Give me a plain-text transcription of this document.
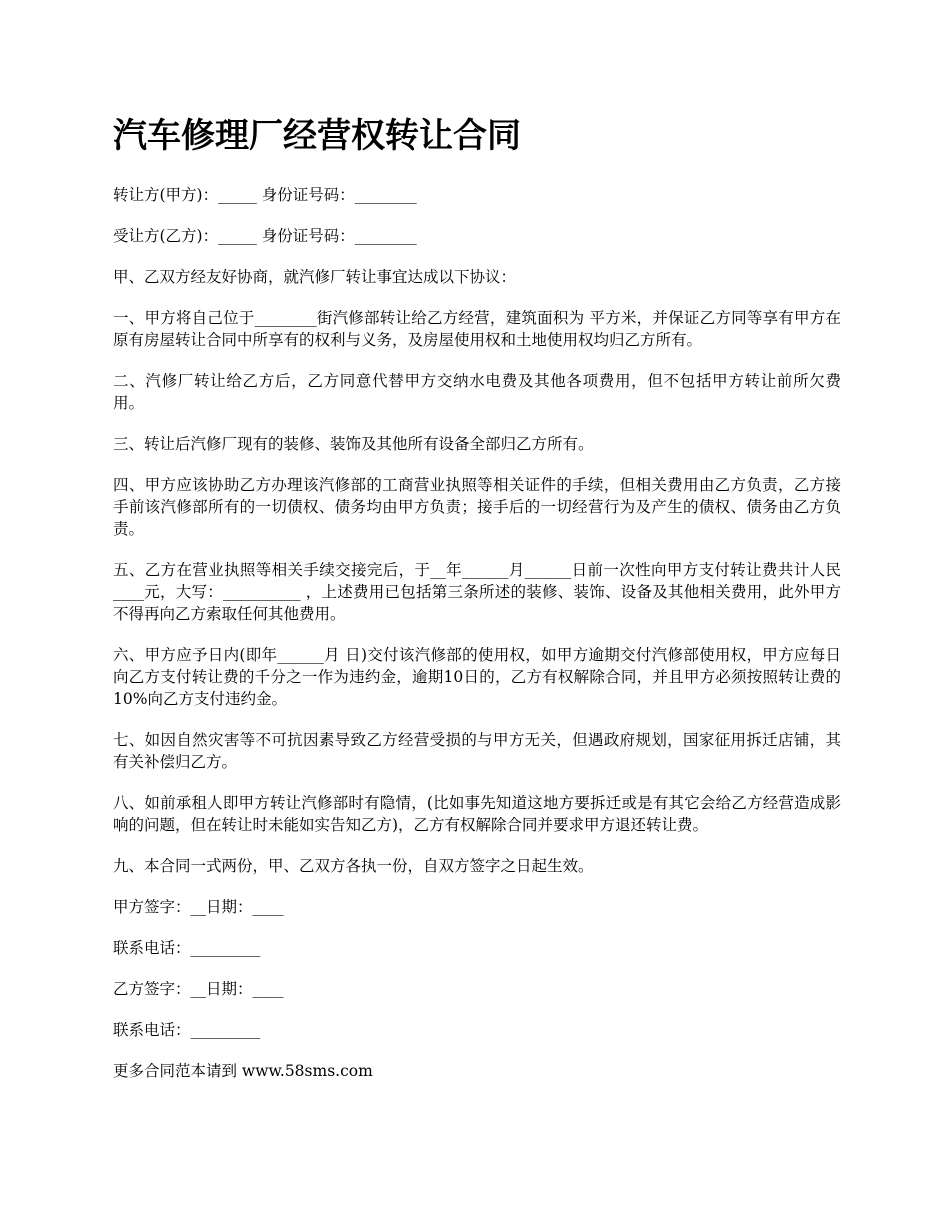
汽车修理厂经营权转让合同

转让方(甲方)：_____ 身份证号码：________

受让方(乙方)：_____ 身份证号码：________

甲、乙双方经友好协商，就汽修厂转让事宜达成以下协议：

一、甲方将自己位于________街汽修部转让给乙方经营，建筑面积为 平方米，并保证乙方同等享有甲方在原有房屋转让合同中所享有的权利与义务，及房屋使用权和土地使用权均归乙方所有。

二、汽修厂转让给乙方后，乙方同意代替甲方交纳水电费及其他各项费用，但不包括甲方转让前所欠费用。

三、转让后汽修厂现有的装修、装饰及其他所有设备全部归乙方所有。

四、甲方应该协助乙方办理该汽修部的工商营业执照等相关证件的手续，但相关费用由乙方负责，乙方接手前该汽修部所有的一切债权、债务均由甲方负责；接手后的一切经营行为及产生的债权、债务由乙方负责。

五、乙方在营业执照等相关手续交接完后，于__年______月______日前一次性向甲方支付转让费共计人民____元，大写：__________ ，上述费用已包括第三条所述的装修、装饰、设备及其他相关费用，此外甲方不得再向乙方索取任何其他费用。

六、甲方应予日内(即年______月 日)交付该汽修部的使用权，如甲方逾期交付汽修部使用权，甲方应每日向乙方支付转让费的千分之一作为违约金，逾期10日的，乙方有权解除合同，并且甲方必须按照转让费的10%向乙方支付违约金。

七、如因自然灾害等不可抗因素导致乙方经营受损的与甲方无关，但遇政府规划，国家征用拆迁店铺，其有关补偿归乙方。

八、如前承租人即甲方转让汽修部时有隐情，(比如事先知道这地方要拆迁或是有其它会给乙方经营造成影响的问题，但在转让时未能如实告知乙方)，乙方有权解除合同并要求甲方退还转让费。

九、本合同一式两份，甲、乙双方各执一份，自双方签字之日起生效。

甲方签字：__日期：____

联系电话：_________

乙方签字：__日期：____

联系电话：_________

更多合同范本请到 www.58sms.com
